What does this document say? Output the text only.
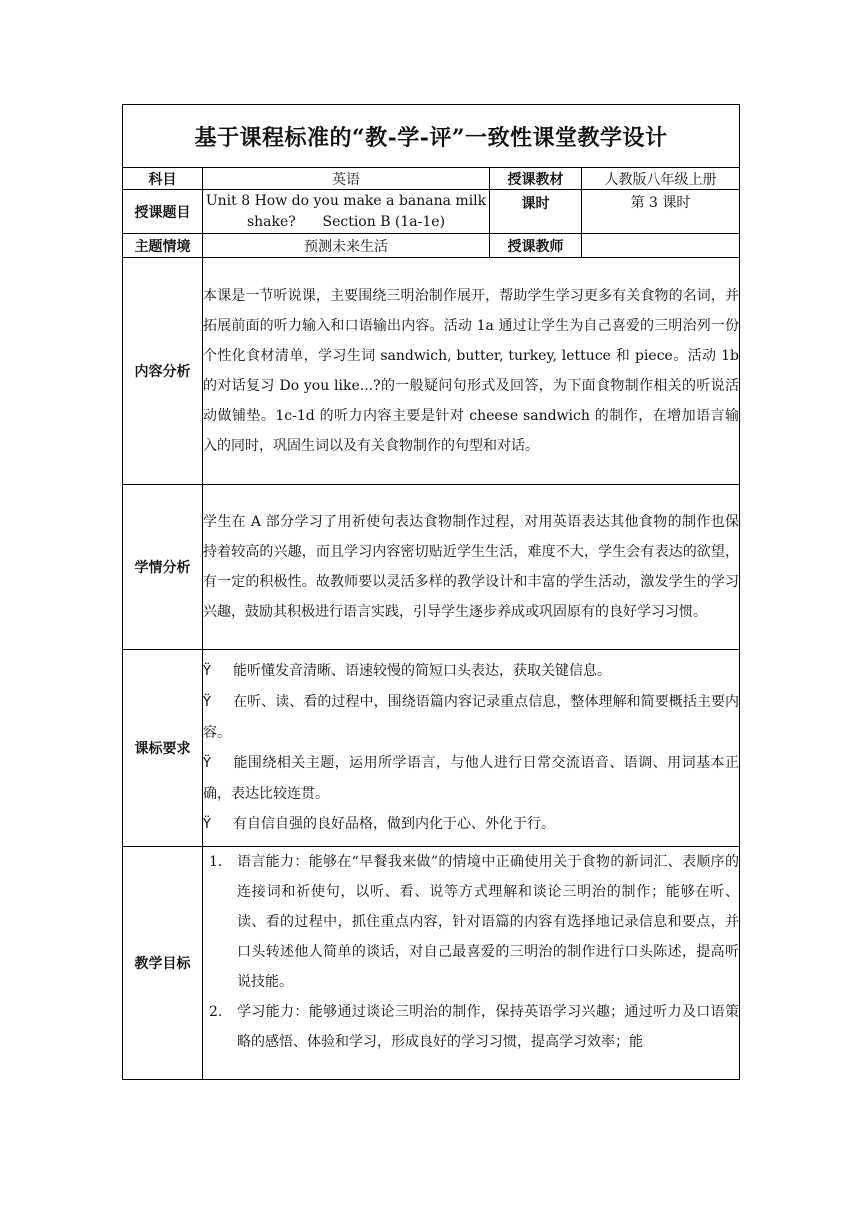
基于课程标准的“教-学-评”一致性课堂教学设计			
科目	英语	授课教材	人教版八年级上册
授课题目	Unit 8 How do you make a banana milk
shake?      Section B (1a-1e)	课时	第 3 课时
主题情境	预测未来生活	授课教师	
内容分析	本课是一节听说课，主要围绕三明治制作展开，帮助学生学习更多有关食物的名词，并拓展前面的听力输入和口语输出内容。活动 1a 通过让学生为自己喜爱的三明治列一份个性化食材清单，学习生词 sandwich, butter, turkey, lettuce 和 piece。活动 1b 的对话复习 Do you like...?的一般疑问句形式及回答，为下面食物制作相关的听说活动做铺垫。1c-1d 的听力内容主要是针对 cheese sandwich 的制作，在增加语言输入的同时，巩固生词以及有关食物制作的句型和对话。		
学情分析	学生在 A 部分学习了用祈使句表达食物制作过程，对用英语表达其他食物的制作也保持着较高的兴趣，而且学习内容密切贴近学生生活，难度不大，学生会有表达的欲望，有一定的积极性。故教师要以灵活多样的教学设计和丰富的学生活动，激发学生的学习兴趣，鼓励其积极进行语言实践，引导学生逐步养成或巩固原有的良好学习习惯。		
课标要求	Ÿ 能听懂发音清晰、语速较慢的简短口头表达，获取关键信息。

Ÿ 在听、读、看的过程中，围绕语篇内容记录重点信息，整体理解和简要概括主要内容。

Ÿ 能围绕相关主题，运用所学语言，与他人进行日常交流语音、语调、用词基本正确，表达比较连贯。

Ÿ 有自信自强的良好品格，做到内化于心、外化于行。		

教学目标	1. 语言能力：能够在“早餐我来做”的情境中正确使用关于食物的新词汇、表顺序的连接词和祈使句，以听、看、说等方式理解和谈论三明治的制作；能够在听、读、看的过程中，抓住重点内容，针对语篇的内容有选择地记录信息和要点，并口头转述他人简单的谈话，对自己最喜爱的三明治的制作进行口头陈述，提高听说技能。

2. 学习能力：能够通过谈论三明治的制作，保持英语学习兴趣；通过听力及口语策略的感悟、体验和学习，形成良好的学习习惯，提高学习效率；能		
